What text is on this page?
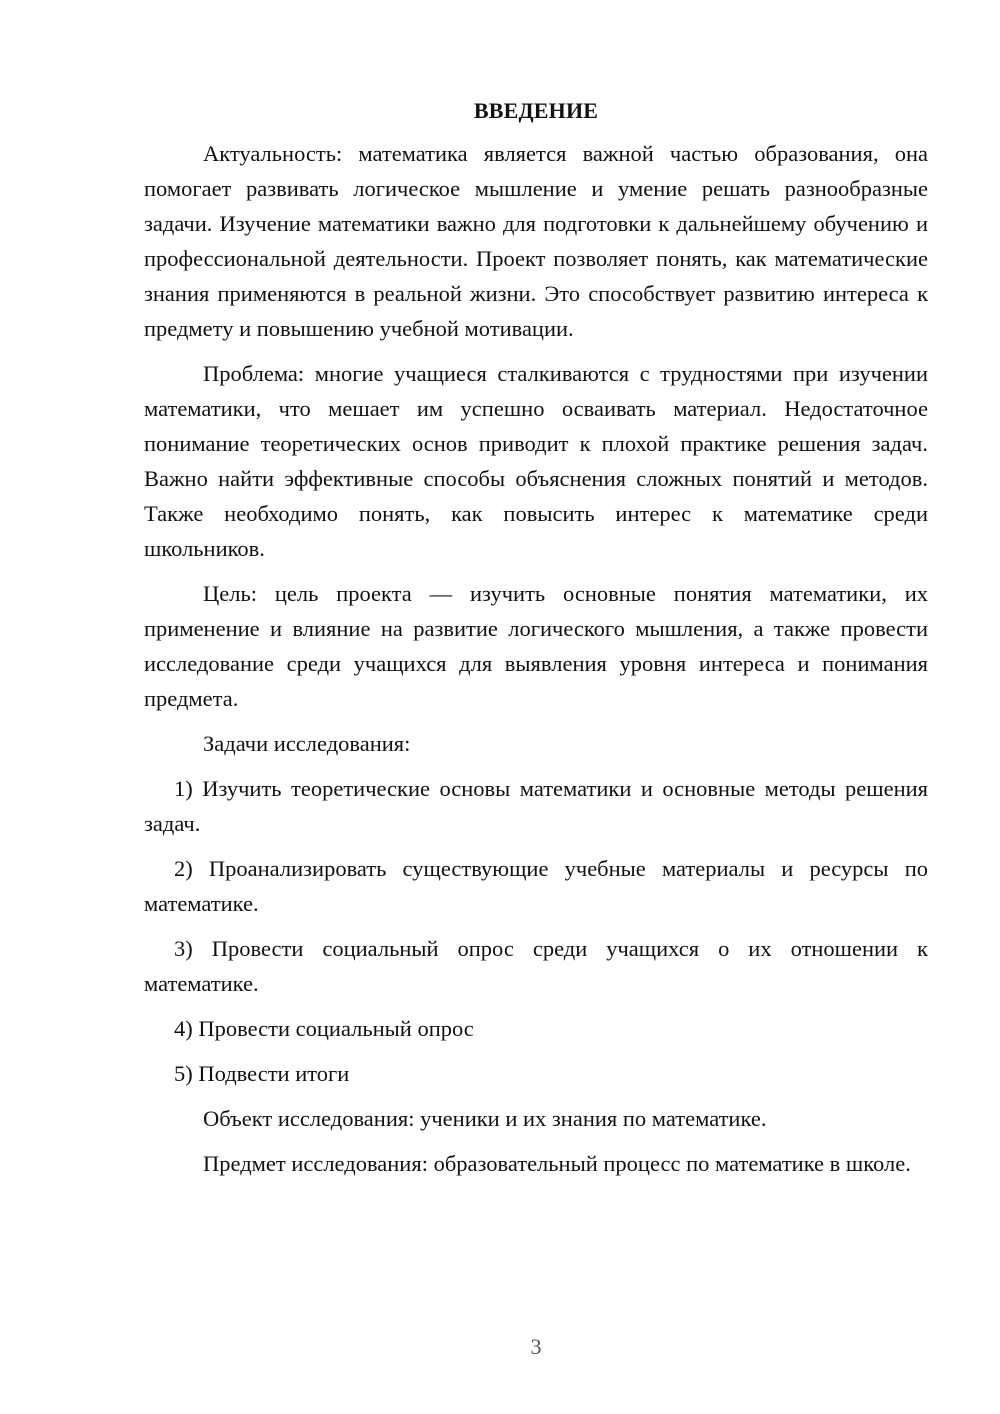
ВВЕДЕНИЕ

Актуальность: математика является важной частью образования, она помогает развивать логическое мышление и умение решать разнообразные задачи. Изучение математики важно для подготовки к дальнейшему обучению и профессиональной деятельности. Проект позволяет понять, как математические знания применяются в реальной жизни. Это способствует развитию интереса к предмету и повышению учебной мотивации.

Проблема: многие учащиеся сталкиваются с трудностями при изучении математики, что мешает им успешно осваивать материал. Недостаточное понимание теоретических основ приводит к плохой практике решения задач. Важно найти эффективные способы объяснения сложных понятий и методов. Также необходимо понять, как повысить интерес к математике среди школьников.

Цель: цель проекта — изучить основные понятия математики, их применение и влияние на развитие логического мышления, а также провести исследование среди учащихся для выявления уровня интереса и понимания предмета.

Задачи исследования:

1) Изучить теоретические основы математики и основные методы решения задач.

2) Проанализировать существующие учебные материалы и ресурсы по математике.

3) Провести социальный опрос среди учащихся о их отношении к математике.

4) Провести социальный опрос

5) Подвести итоги

Объект исследования: ученики и их знания по математике.

Предмет исследования: образовательный процесс по математике в школе.

3
